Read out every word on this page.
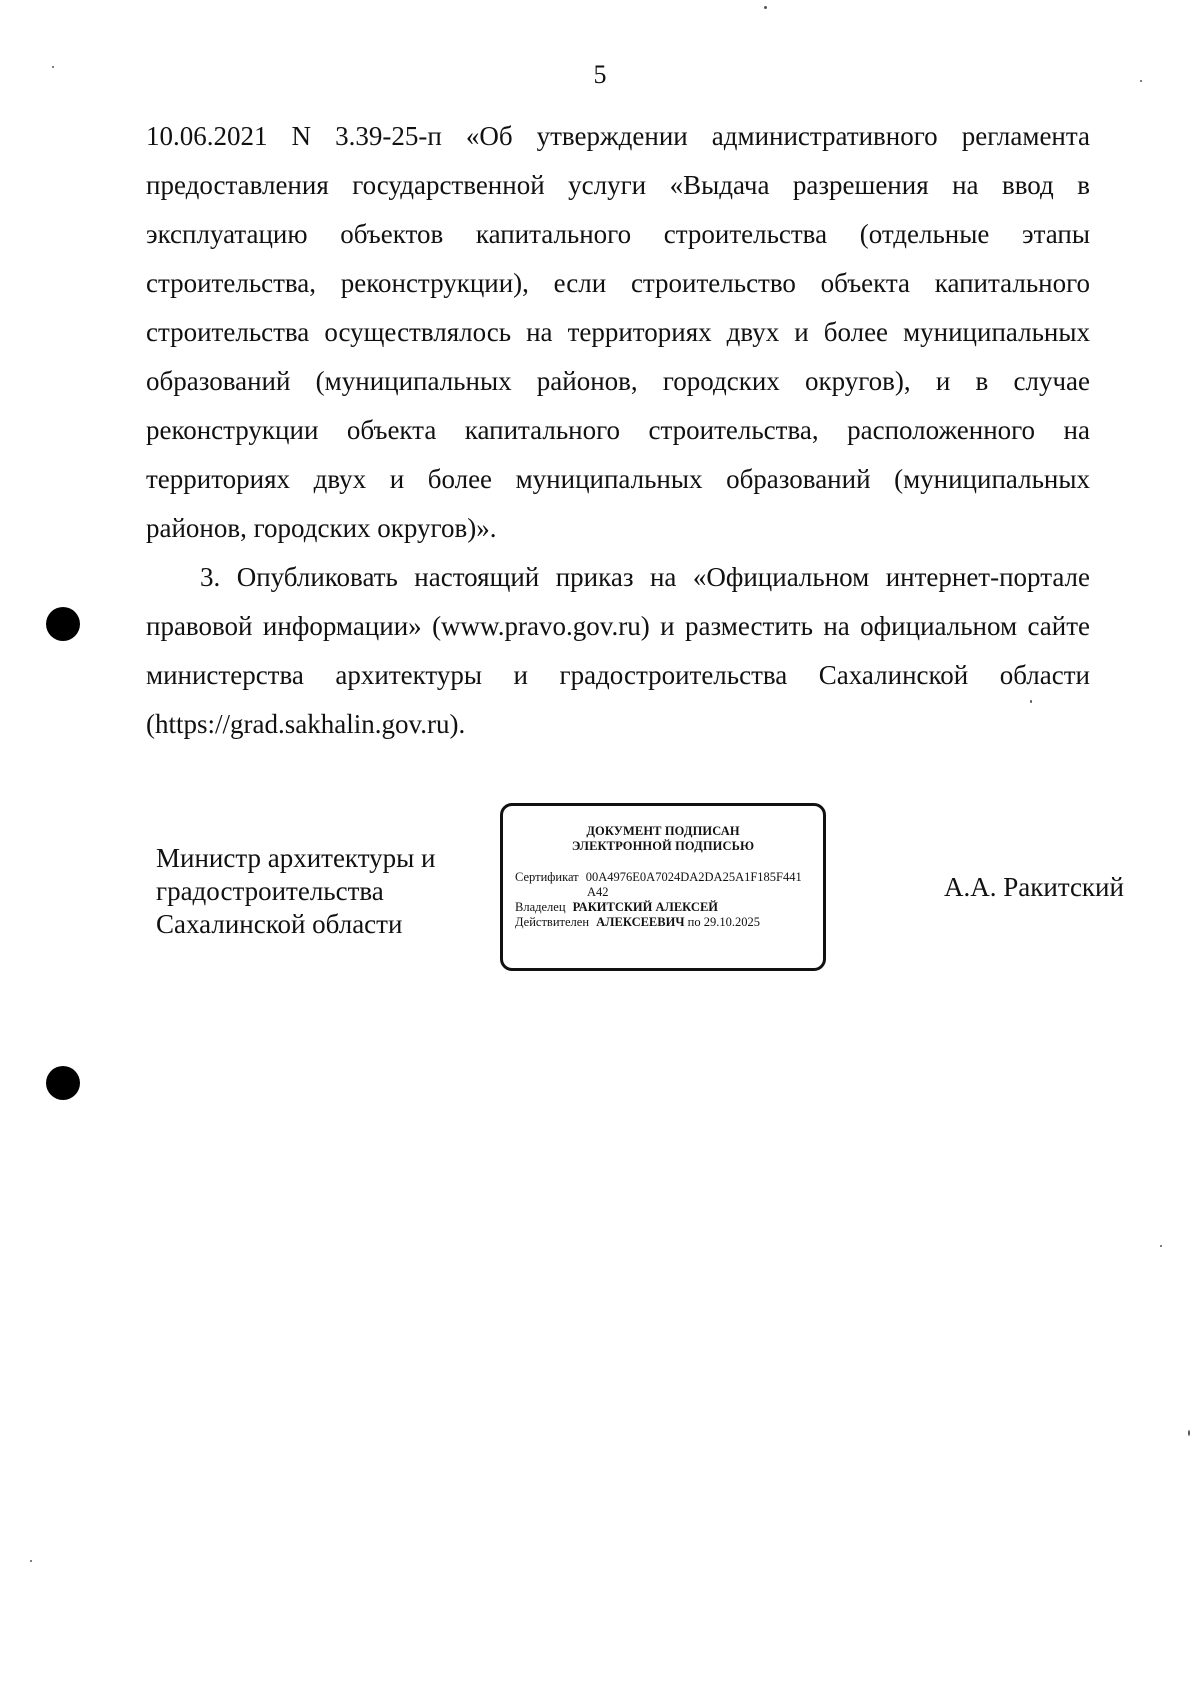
5

10.06.2021 N 3.39-25-п «Об утверждении административного регламента предоставления государственной услуги «Выдача разрешения на ввод в эксплуатацию объектов капитального строительства (отдельные этапы строительства, реконструкции), если строительство объекта капитального строительства осуществлялось на территориях двух и более муниципальных образований (муниципальных районов, городских округов), и в случае реконструкции объекта капитального строительства, расположенного на территориях двух и более муниципальных образований (муниципальных районов, городских округов)».

3. Опубликовать настоящий приказ на «Официальном интернет-портале правовой информации» (www.pravo.gov.ru) и разместить на официальном сайте министерства архитектуры и градостроительства Сахалинской области (https://grad.sakhalin.gov.ru).

Министр архитектуры и
градостроительства
Сахалинской области
ДОКУМЕНТ ПОДПИСАН
ЭЛЕКТРОННОЙ ПОДПИСЬЮ
Сертификат 00A4976E0A7024DA2DA25A1F185F441
A42
Владелец РАКИТСКИЙ АЛЕКСЕЙ
Действителен АЛЕКСЕЕВИЧ по 29.10.2025
А.А. Ракитский
